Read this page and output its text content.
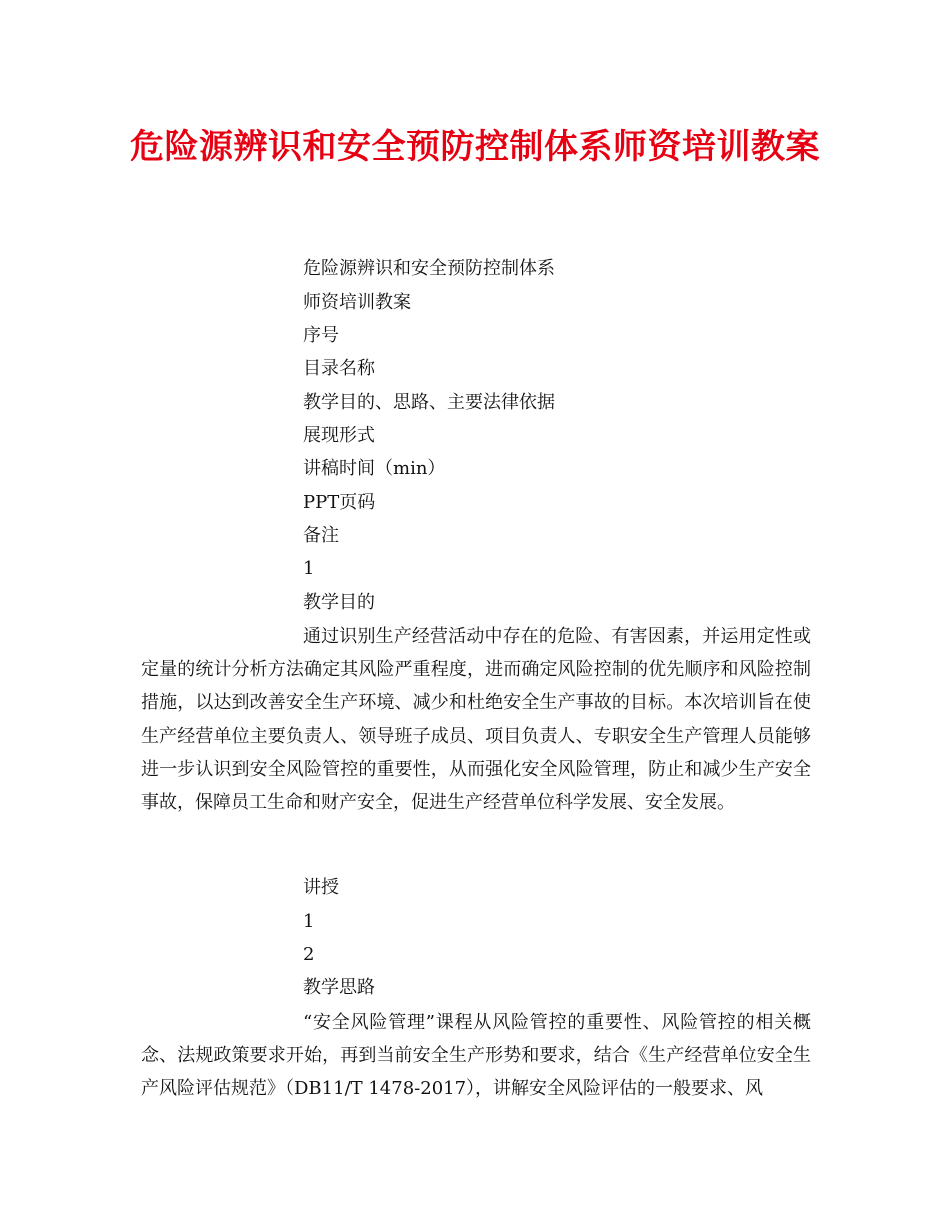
危险源辨识和安全预防控制体系师资培训教案

危险源辨识和安全预防控制体系

师资培训教案

序号

目录名称

教学目的、思路、主要法律依据

展现形式

讲稿时间（min）

PPT页码

备注

1

教学目的

通过识别生产经营活动中存在的危险、有害因素，并运用定性或定量的统计分析方法确定其风险严重程度，进而确定风险控制的优先顺序和风险控制措施，以达到改善安全生产环境、减少和杜绝安全生产事故的目标。本次培训旨在使生产经营单位主要负责人、领导班子成员、项目负责人、专职安全生产管理人员能够进一步认识到安全风险管控的重要性，从而强化安全风险管理，防止和减少生产安全事故，保障员工生命和财产安全，促进生产经营单位科学发展、安全发展。

讲授

1

2

教学思路

“安全风险管理”课程从风险管控的重要性、风险管控的相关概念、法规政策要求开始，再到当前安全生产形势和要求，结合《生产经营单位安全生产风险评估规范》（DB11/T 1478-2017），讲解安全风险评估的一般要求、风
